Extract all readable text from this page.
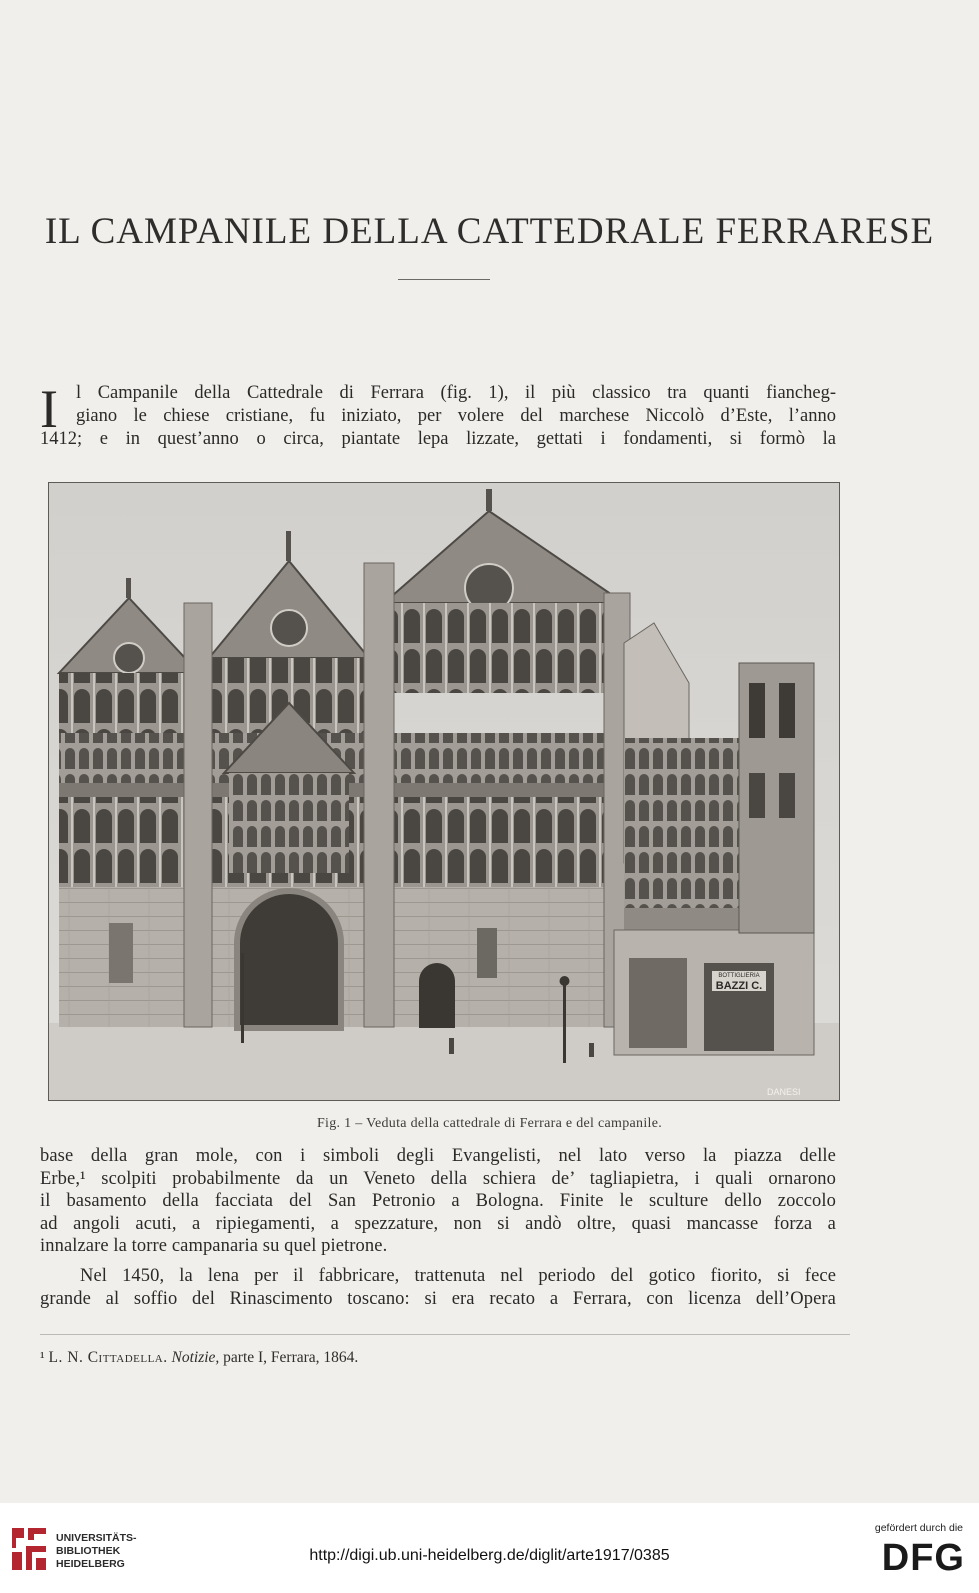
IL CAMPANILE DELLA CATTEDRALE FERRARESE
I l Campanile della Cattedrale di Ferrara (fig. 1), il più classico tra quanti fiancheg-
giano le chiese cristiane, fu iniziato, per volere del marchese Niccolò d’Este, l’anno
1412; e in quest’anno o circa, piantate lepa lizzate, gettati i fondamenti, si formò la
BOTTIGLIERIA
BAZZI C.
DANESI
Fig. 1 – Veduta della cattedrale di Ferrara e del campanile.
base della gran mole, con i simboli degli Evangelisti, nel lato verso la piazza delle
Erbe,¹ scolpiti probabilmente da un Veneto della schiera de’ tagliapietra, i quali ornarono
il basamento della facciata del San Petronio a Bologna. Finite le sculture dello zoccolo
ad angoli acuti, a ripiegamenti, a spezzature, non si andò oltre, quasi mancasse forza a
innalzare la torre campanaria su quel pietrone.
Nel 1450, la lena per il fabbricare, trattenuta nel periodo del gotico fiorito, si fece
grande al soffio del Rinascimento toscano: si era recato a Ferrara, con licenza dell’Opera
¹ L. N. Cittadella. Notizie, parte I, Ferrara, 1864.
UNIVERSITÄTS-
BIBLIOTHEK
HEIDELBERG	http://digi.ub.uni-heidelberg.de/diglit/arte1917/0385
gefördert durch die
DFG
